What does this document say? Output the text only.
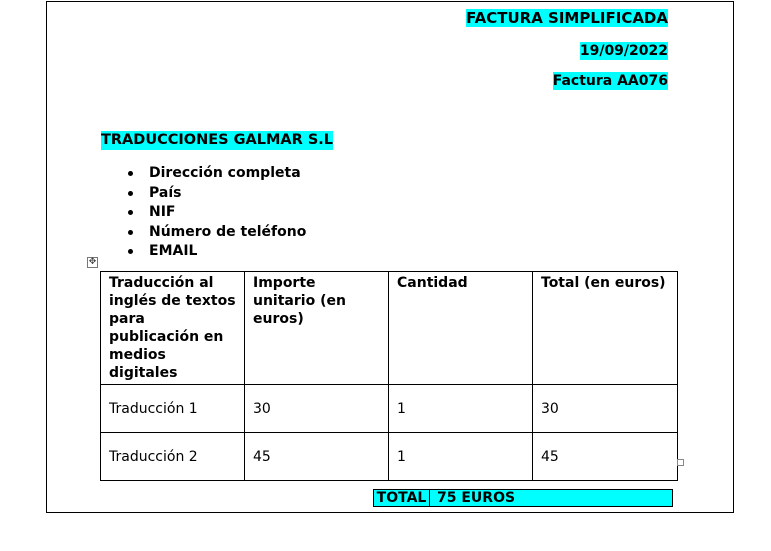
FACTURA SIMPLIFICADA
19/09/2022
Factura AA076
TRADUCCIONES GALMAR S.L
Dirección completa
País
NIF
Número de teléfono
EMAIL
✥
Traducción al inglés de textos para publicación en medios digitales	Importe unitario (en euros)	Cantidad	Total (en euros)
Traducción 1	30	1	30
Traducción 2	45	1	45
TOTAL 75 EUROS
